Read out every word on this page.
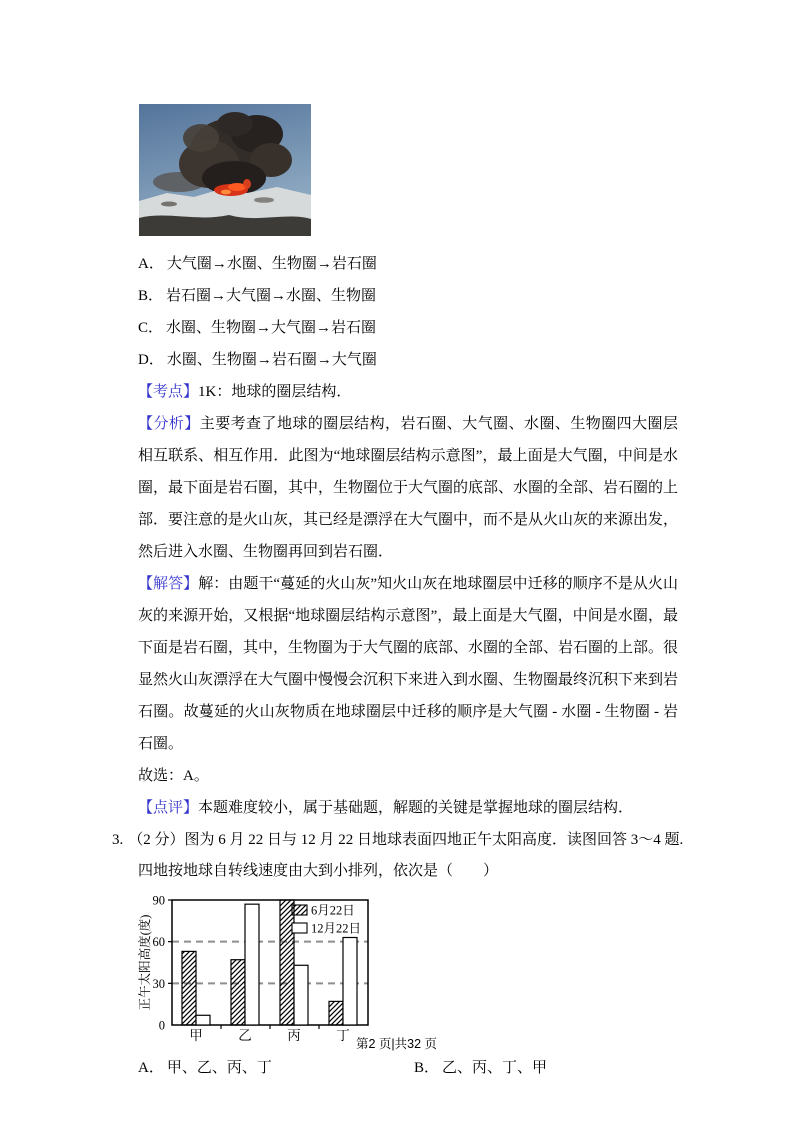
A． 大气圈→水圈、生物圈→岩石圈
B． 岩石圈→大气圈→水圈、生物圈
C． 水圈、生物圈→大气圈→岩石圈
D． 水圈、生物圈→岩石圈→大气圈

【考点】1K：地球的圈层结构．

【分析】主要考查了地球的圈层结构，岩石圈、大气圈、水圈、生物圈四大圈层相互联系、相互作用．此图为“地球圈层结构示意图”，最上面是大气圈，中间是水圈，最下面是岩石圈，其中，生物圈位于大气圈的底部、水圈的全部、岩石圈的上部．要注意的是火山灰，其已经是漂浮在大气圈中，而不是从火山灰的来源出发，然后进入水圈、生物圈再回到岩石圈．

【解答】解：由题干“蔓延的火山灰”知火山灰在地球圈层中迁移的顺序不是从火山灰的来源开始，又根据“地球圈层结构示意图”，最上面是大气圈，中间是水圈，最下面是岩石圈，其中，生物圈为于大气圈的底部、水圈的全部、岩石圈的上部。很显然火山灰漂浮在大气圈中慢慢会沉积下来进入到水圈、生物圈最终沉积下来到岩石圈。故蔓延的火山灰物质在地球圈层中迁移的顺序是大气圈 - 水圈 - 生物圈 - 岩石圈。

故选：A。

【点评】本题难度较小，属于基础题，解题的关键是掌握地球的圈层结构．

3. （2 分）图为 6 月 22 日与 12 月 22 日地球表面四地正午太阳高度．读图回答 3～4 题.
四地按地球自转线速度由大到小排列，依次是（　　）
0
30
60
90
甲	乙	丙	丁
6月22日
12月22日
正午太阳高度(度)
A． 甲、乙、丙、丁	B． 乙、丙、丁、甲
第2 页|共32 页
